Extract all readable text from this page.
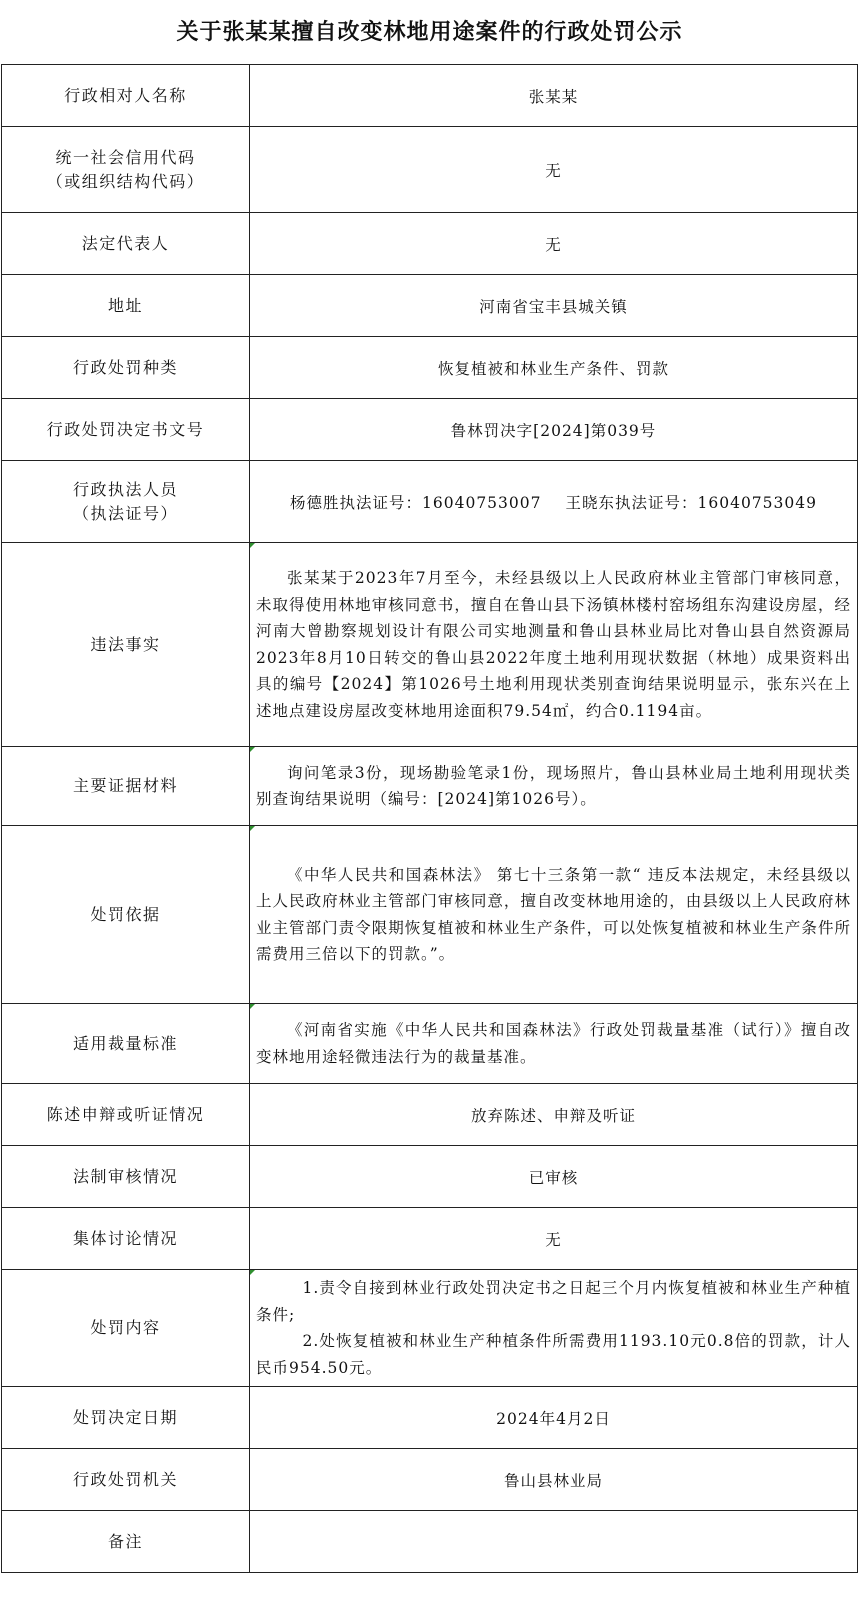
关于张某某擅自改变林地用途案件的行政处罚公示
行政相对人名称	张某某

统一社会信用代码
（或组织结构代码）	无
法定代表人	无
地址	河南省宝丰县城关镇
行政处罚种类	恢复植被和林业生产条件、罚款
行政处罚决定书文号	鲁林罚决字[2024]第039号

行政执法人员
（执法证号）	杨德胜执法证号：16040753007 王晓东执法证号：16040753049
违法事实	张某某于2023年7月至今，未经县级以上人民政府林业主管部门审核同意，未取得使用林地审核同意书，擅自在鲁山县下汤镇林楼村窑场组东沟建设房屋，经河南大曾勘察规划设计有限公司实地测量和鲁山县林业局比对鲁山县自然资源局2023年8月10日转交的鲁山县2022年度土地利用现状数据（林地）成果资料出具的编号【2024】第1026号土地利用现状类别查询结果说明显示，张东兴在上述地点建设房屋改变林地用途面积79.54㎡，约合0.1194亩。

主要证据材料	询问笔录3份，现场勘验笔录1份，现场照片，鲁山县林业局土地利用现状类别查询结果说明（编号：[2024]第1026号）。

处罚依据	《中华人民共和国森林法》 第七十三条第一款“ 违反本法规定，未经县级以上人民政府林业主管部门审核同意，擅自改变林地用途的，由县级以上人民政府林业主管部门责令限期恢复植被和林业生产条件，可以处恢复植被和林业生产条件所需费用三倍以下的罚款。”。

适用裁量标准	《河南省实施《中华人民共和国森林法》行政处罚裁量基准（试行）》擅自改变林地用途轻微违法行为的裁量基准。

陈述申辩或听证情况	放弃陈述、申辩及听证
法制审核情况	已审核
集体讨论情况	无
处罚内容	1.责令自接到林业行政处罚决定书之日起三个月内恢复植被和林业生产种植条件;
2.处恢复植被和林业生产种植条件所需费用1193.10元0.8倍的罚款，计人民币954.50元。

处罚决定日期	2024年4月2日
行政处罚机关	鲁山县林业局
备注	
